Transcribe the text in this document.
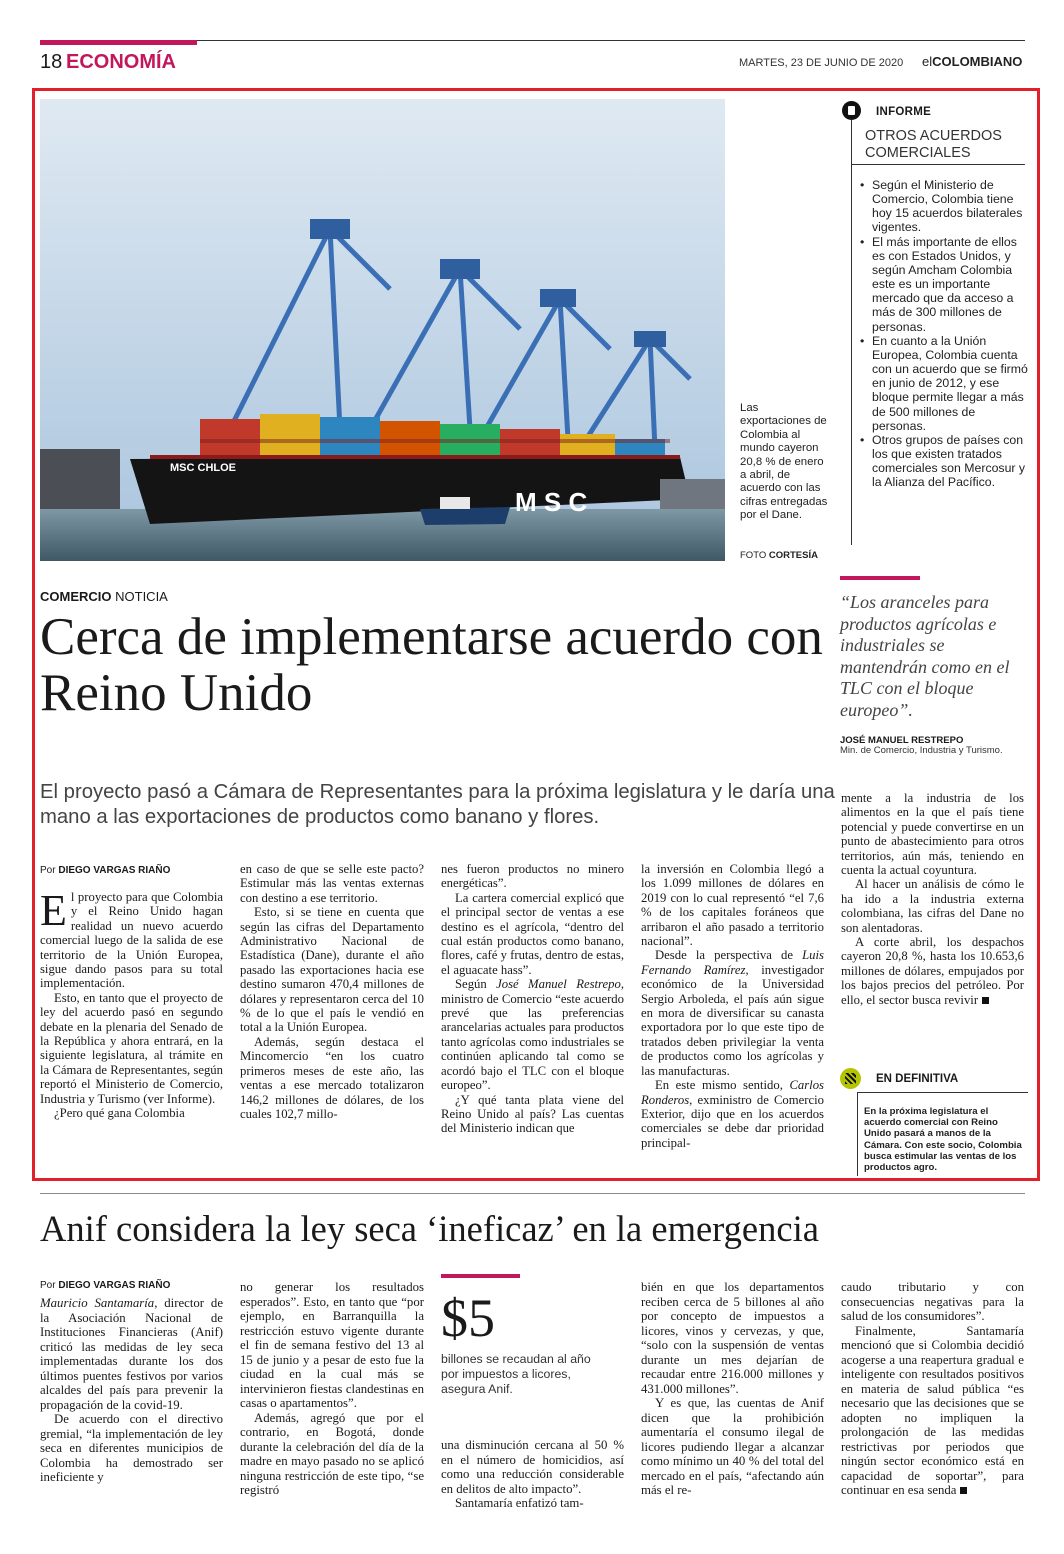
18 ECONOMÍA	MARTES, 23 DE JUNIO DE 2020 elCOLOMBIANO
MSC CHLOE
M S C
Las exportaciones de Colombia al mundo cayeron 20,8 % de enero a abril, de acuerdo con las cifras entregadas por el Dane.
FOTO CORTESÍA
INFORME
OTROS ACUERDOS COMERCIALES
• Según el Ministerio de Comercio, Colombia tiene hoy 15 acuerdos bilaterales vigentes.
• El más importante de ellos es con Estados Unidos, y según Amcham Colombia este es un importante mercado que da acceso a más de 300 millones de personas.
• En cuanto a la Unión Europea, Colombia cuenta con un acuerdo que se firmó en junio de 2012, y ese bloque permite llegar a más de 500 millones de personas.
• Otros grupos de países con los que existen tratados comerciales son Mercosur y la Alianza del Pacífico.
“Los aranceles para productos agrícolas e industriales se mantendrán como en el TLC con el bloque europeo”.
JOSÉ MANUEL RESTREPO
Min. de Comercio, Industria y Turismo.
COMERCIO NOTICIA
Cerca de implementarse acuerdo con Reino Unido
El proyecto pasó a Cámara de Representantes para la próxima legislatura y le daría una mano a las exportaciones de productos como banano y flores.
Por DIEGO VARGAS RIAÑO

El proyecto para que Colombia y el Reino Unido hagan realidad un nuevo acuerdo comercial luego de la salida de ese territorio de la Unión Europea, sigue dando pasos para su total implementación.

Esto, en tanto que el proyecto de ley del acuerdo pasó en segundo debate en la plenaria del Senado de la República y ahora entrará, en la siguiente legislatura, al trámite en la Cámara de Representantes, según reportó el Ministerio de Comercio, Industria y Turismo (ver Informe).

¿Pero qué gana Colombia

en caso de que se selle este pacto? Estimular más las ventas externas con destino a ese territorio.

Esto, si se tiene en cuenta que según las cifras del Departamento Administrativo Nacional de Estadística (Dane), durante el año pasado las exportaciones hacia ese destino sumaron 470,4 millones de dólares y representaron cerca del 10 % de lo que el país le vendió en total a la Unión Europea.

Además, según destaca el Mincomercio “en los cuatro primeros meses de este año, las ventas a ese mercado totalizaron 146,2 millones de dólares, de los cuales 102,7 millo-

nes fueron productos no minero energéticas”.

La cartera comercial explicó que el principal sector de ventas a ese destino es el agrícola, “dentro del cual están productos como banano, flores, café y frutas, dentro de estas, el aguacate hass”.

Según José Manuel Restrepo, ministro de Comercio “este acuerdo prevé que las preferencias arancelarias actuales para productos tanto agrícolas como industriales se continúen aplicando tal como se acordó bajo el TLC con el bloque europeo”.

¿Y qué tanta plata viene del Reino Unido al país? Las cuentas del Ministerio indican que

la inversión en Colombia llegó a los 1.099 millones de dólares en 2019 con lo cual representó “el 7,6 % de los capitales foráneos que arribaron el año pasado a territorio nacional”.

Desde la perspectiva de Luis Fernando Ramírez, investigador económico de la Universidad Sergio Arboleda, el país aún sigue en mora de diversificar su canasta exportadora por lo que este tipo de tratados deben privilegiar la venta de productos como los agrícolas y las manufacturas.

En este mismo sentido, Carlos Ronderos, exministro de Comercio Exterior, dijo que en los acuerdos comerciales se debe dar prioridad principal-

mente a la industria de los alimentos en la que el país tiene potencial y puede convertirse en un punto de abastecimiento para otros territorios, aún más, teniendo en cuenta la actual coyuntura.

Al hacer un análisis de cómo le ha ido a la industria externa colombiana, las cifras del Dane no son alentadoras.

A corte abril, los despachos cayeron 20,8 %, hasta los 10.653,6 millones de dólares, empujados por los bajos precios del petróleo. Por ello, el sector busca revivir

EN DEFINITIVA
En la próxima legislatura el acuerdo comercial con Reino Unido pasará a manos de la Cámara. Con este socio, Colombia busca estimular las ventas de los productos agro.
Anif considera la ley seca ‘ineficaz’ en la emergencia
Por DIEGO VARGAS RIAÑO

Mauricio Santamaría, director de la Asociación Nacional de Instituciones Financieras (Anif) criticó las medidas de ley seca implementadas durante los dos últimos puentes festivos por varios alcaldes del país para prevenir la propagación de la covid-19.

De acuerdo con el directivo gremial, “la implementación de ley seca en diferentes municipios de Colombia ha demostrado ser ineficiente y

no generar los resultados esperados”. Esto, en tanto que “por ejemplo, en Barranquilla la restricción estuvo vigente durante el fin de semana festivo del 13 al 15 de junio y a pesar de esto fue la ciudad en la cual más se intervinieron fiestas clandestinas en casas o apartamentos”.

Además, agregó que por el contrario, en Bogotá, donde durante la celebración del día de la madre en mayo pasado no se aplicó ninguna restricción de este tipo, “se registró

$5
billones se recaudan al año por impuestos a licores, asegura Anif.

una disminución cercana al 50 % en el número de homicidios, así como una reducción considerable en delitos de alto impacto”.

Santamaría enfatizó tam-

bién en que los departamentos reciben cerca de 5 billones al año por concepto de impuestos a licores, vinos y cervezas, y que, “solo con la suspensión de ventas durante un mes dejarían de recaudar entre 216.000 millones y 431.000 millones”.

Y es que, las cuentas de Anif dicen que la prohibición aumentaría el consumo ilegal de licores pudiendo llegar a alcanzar como mínimo un 40 % del total del mercado en el país, “afectando aún más el re-

caudo tributario y con consecuencias negativas para la salud de los consumidores”.

Finalmente, Santamaría mencionó que si Colombia decidió acogerse a una reapertura gradual e inteligente con resultados positivos en materia de salud pública “es necesario que las decisiones que se adopten no impliquen la prolongación de las medidas restrictivas por periodos que ningún sector económico está en capacidad de soportar”, para continuar en esa senda
